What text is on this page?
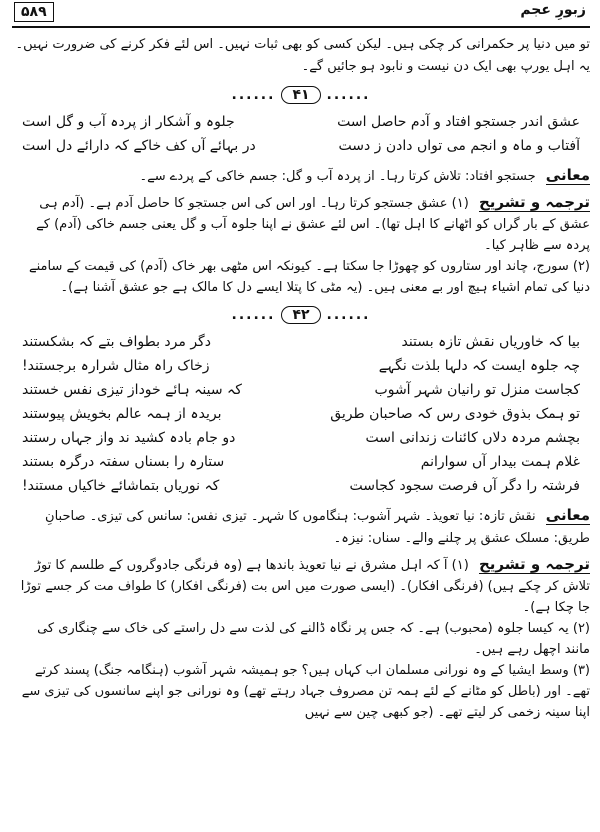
۵۸۹	زبورِ عجم

تو میں دنیا پر حکمرانی کر چکی ہیں۔ لیکن کسی کو بھی ثبات نہیں۔ اس لئے فکر کرنے کی ضرورت نہیں۔ یہ اہل یورپ بھی ایک دن نیست و نابود ہو جائیں گے۔

...... ۴۱ ......
عشق اندر جستجو افتاد و آدم حاصل است
جلوہ و آشکار از پردہ آب و گل است
آفتاب و ماہ و انجم می تواں دادن ز دست
در بہائے آں کف خاکے کہ دارائے دل است

معانی جستجو افتاد: تلاش کرتا رہا۔ از پردہ آب و گل: جسم خاکی کے پردے سے۔

ترجمہ و تشریح (۱) عشق جستجو کرتا رہا۔ اور اس کی اس جستجو کا حاصل آدم ہے۔ (آدم ہی عشق کے بار گراں کو اٹھانے کا اہل تھا)۔ اس لئے عشق نے اپنا جلوہ آب و گل یعنی جسم خاکی (آدم) کے پردہ سے ظاہر کیا۔

(۲) سورج، چاند اور ستاروں کو چھوڑا جا سکتا ہے۔ کیونکہ اس مٹھی بھر خاک (آدم) کی قیمت کے سامنے دنیا کی تمام اشیاء ہیچ اور بے معنی ہیں۔ (یہ مٹی کا پتلا ایسے دل کا مالک ہے جو عشق آشنا ہے)۔

...... ۴۲ ......
بیا کہ خاوریاں نقش تازہ بستند
دگر مرد بطواف بتے کہ بشکستند
چہ جلوہ ایست کہ دلہا بلذت نگہے
زخاک راہ مثال شرارہ برجستند!
کجاست منزل تو رانیان شہر آشوب
کہ سینہ ہائے خوداز تیزی نفس خستند
تو ہمک بذوق خودی رس کہ صاحبان طریق
بریدہ از ہمہ عالم بخویش پیوستند
بچشم مردہ دلاں کائنات زندانی است
دو جام بادہ کشید ند واز جہاں رستند
غلام ہمت بیدار آں سوارانم
ستارہ را بسناں سفتہ درگرہ بستند
فرشتہ را دگر آں فرصت سجود کجاست
کہ نوریاں بتماشائے خاکیاں مستند!

معانی نقش تازہ: نیا تعویذ۔ شہر آشوب: ہنگاموں کا شہر۔ تیزی نفس: سانس کی تیزی۔ صاحبانِ طریق: مسلک عشق پر چلنے والے۔ سناں: نیزہ۔

ترجمہ و تشریح (۱) آ کہ اہل مشرق نے نیا تعویذ باندھا ہے (وہ فرنگی جادوگروں کے طلسم کا توڑ تلاش کر چکے ہیں) (فرنگی افکار)۔ (ایسی صورت میں اس بت (فرنگی افکار) کا طواف مت کر جسے توڑا جا چکا ہے)۔

(۲) یہ کیسا جلوہ (محبوب) ہے۔ کہ جس پر نگاہ ڈالنے کی لذت سے دل راستے کی خاک سے چنگاری کی مانند اچھل رہے ہیں۔

(۳) وسط ایشیا کے وہ نورانی مسلمان اب کہاں ہیں؟ جو ہمیشہ شہر آشوب (ہنگامہ جنگ) پسند کرتے تھے۔ اور (باطل کو مٹانے کے لئے ہمہ تن مصروف جہاد رہتے تھے) وہ نورانی جو اپنے سانسوں کی تیزی سے اپنا سینہ زخمی کر لیتے تھے۔ (جو کبھی چین سے نہیں
